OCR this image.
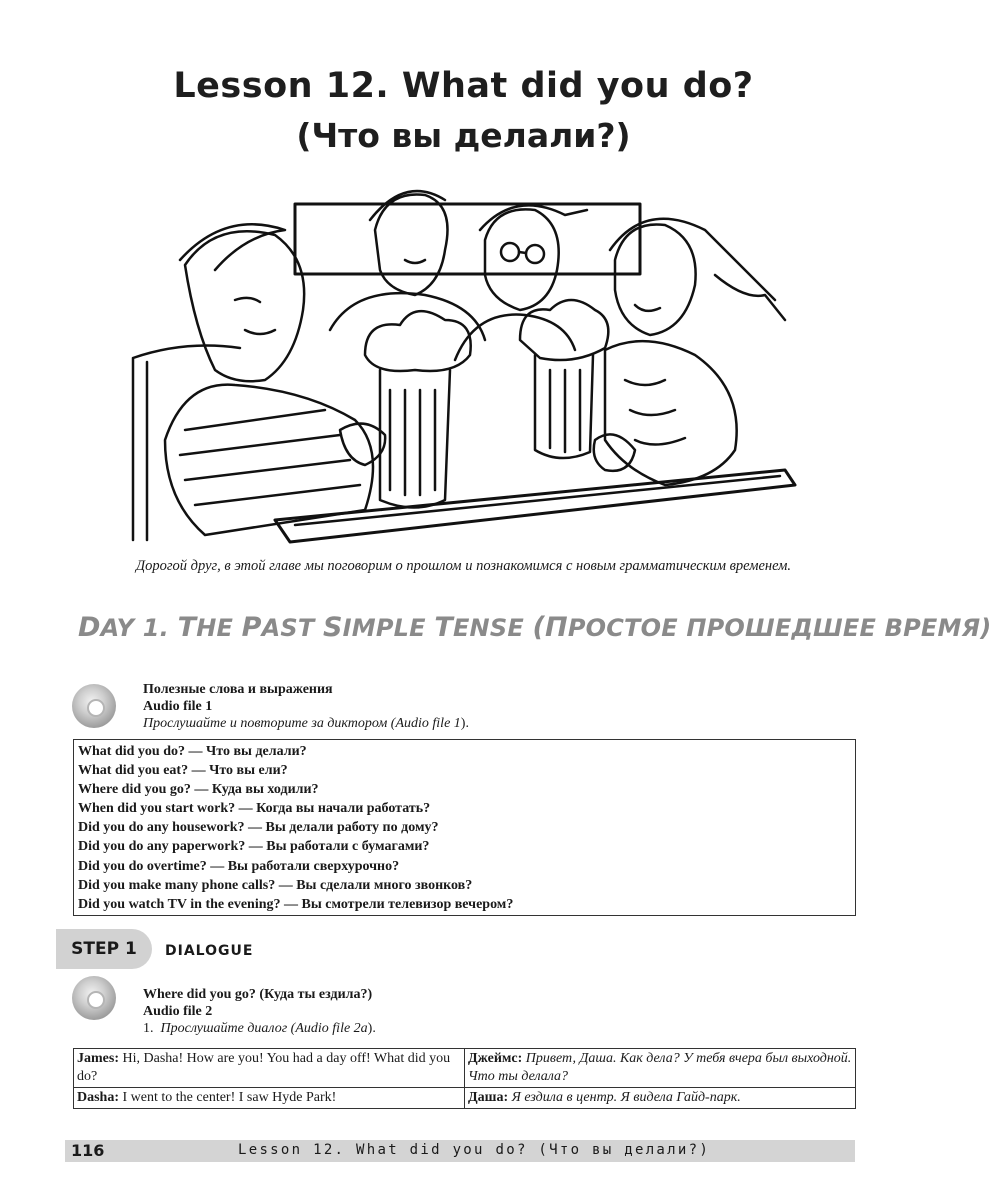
Lesson 12. What did you do?
(Что вы делали?)
Дорогой друг, в этой главе мы поговорим о прошлом и познакомимся с новым грамматическим временем.
DAY 1. THE PAST SIMPLE TENSE (ПРОСТОЕ ПРОШЕДШЕЕ ВРЕМЯ)
Полезные слова и выражения
Audio file 1
Прослушайте и повторите за диктором (Audio file 1).
What did you do? — Что вы делали?
What did you eat? — Что вы ели?
Where did you go? — Куда вы ходили?
When did you start work? — Когда вы начали работать?
Did you do any housework? — Вы делали работу по дому?
Did you do any paperwork? — Вы работали с бумагами?
Did you do overtime? — Вы работали сверхурочно?
Did you make many phone calls? — Вы сделали много звонков?
Did you watch TV in the evening? — Вы смотрели телевизор вечером?
STEP 1	DIALOGUE
Where did you go? (Куда ты ездила?)
Audio file 2
1. Прослушайте диалог (Audio file 2a).
James: Hi, Dasha! How are you! You had a day off! What did you do?	Джеймс: Привет, Даша. Как дела? У тебя вчера был выходной. Что ты делала?
Dasha: I went to the center! I saw Hyde Park!	Даша: Я ездила в центр. Я видела Гайд-парк.
116	Lesson 12. What did you do? (Что вы делали?)
